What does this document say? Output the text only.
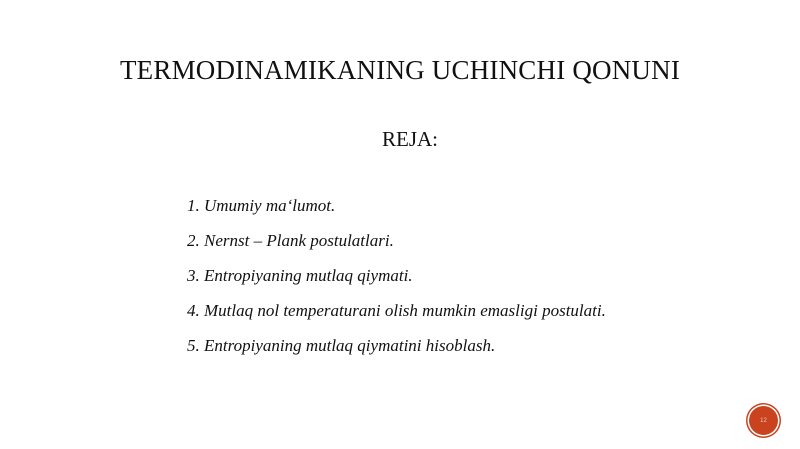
TERMODINAMIKANING UCHINCHI QONUNI
REJA:
1. Umumiy ma‘lumot.
2. Nernst – Plank postulatlari.
3. Entropiyaning mutlaq qiymati.
4. Mutlaq nol temperaturani olish mumkin emasligi postulati.
5. Entropiyaning mutlaq qiymatini hisoblash.
12
